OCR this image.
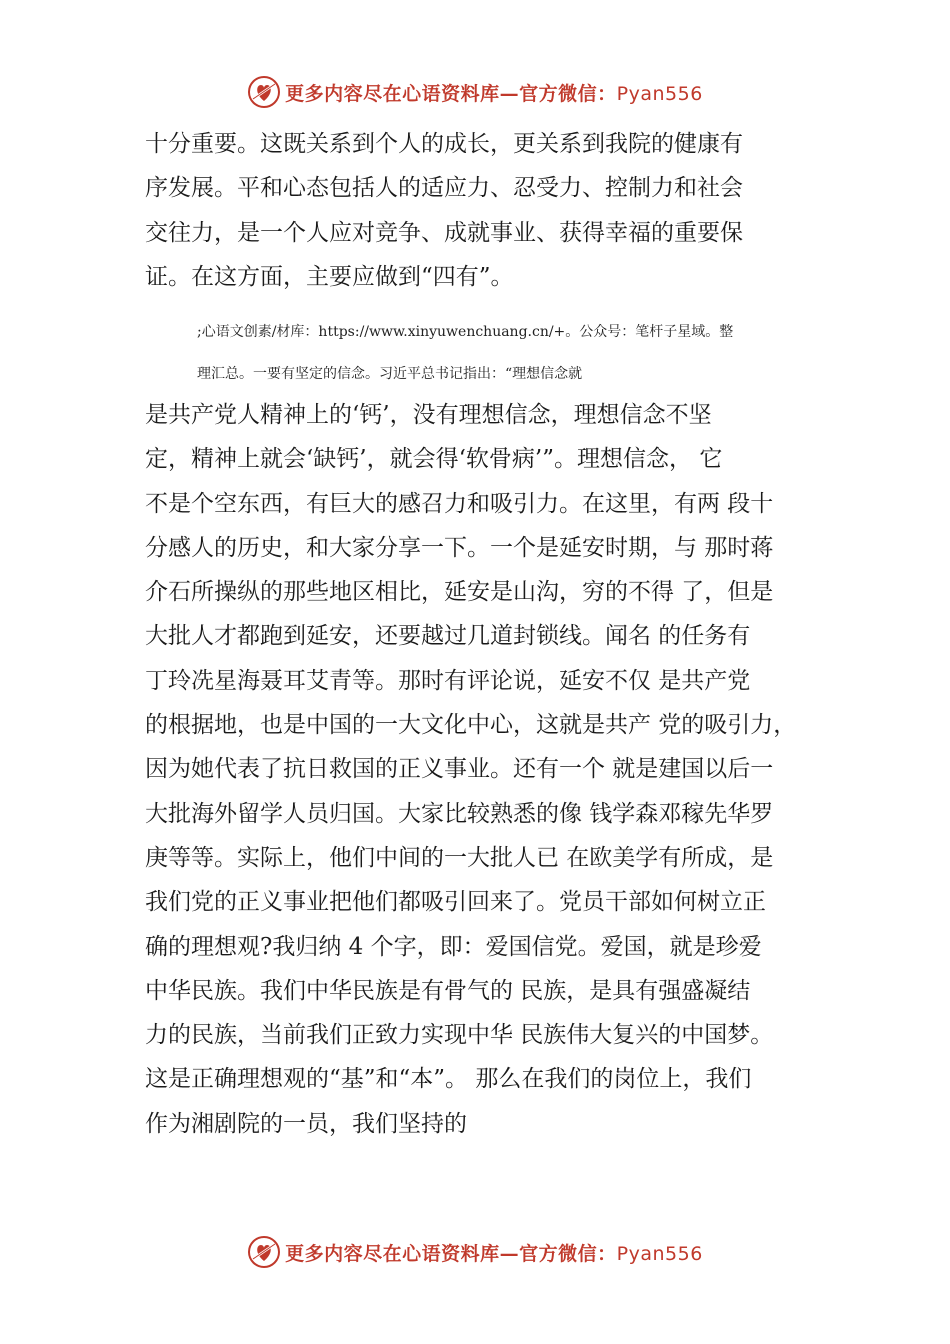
更多内容尽在心语资料库—官方微信：Pyan556

十分重要。这既关系到个人的成长，更关系到我院的健康有

序发展。平和心态包括人的适应力、忍受力、控制力和社会

交往力，是一个人应对竞争、成就事业、获得幸福的重要保

证。在这方面，主要应做到“四有”。

;心语文创素/材库：https://www.xinyuwenchuang.cn/+。公众号：笔杆子星域。整
理汇总。一要有坚定的信念。习近平总书记指出：“理想信念就

是共产党人精神上的‘钙’，没有理想信念，理想信念不坚

定，精神上就会‘缺钙’，就会得‘软骨病’”。理想信念， 它

不是个空东西，有巨大的感召力和吸引力。在这里，有两 段十

分感人的历史，和大家分享一下。一个是延安时期，与 那时蒋

介石所操纵的那些地区相比，延安是山沟，穷的不得 了，但是

大批人才都跑到延安，还要越过几道封锁线。闻名 的任务有

丁玲冼星海聂耳艾青等。那时有评论说，延安不仅 是共产党

的根据地，也是中国的一大文化中心，这就是共产 党的吸引力，

因为她代表了抗日救国的正义事业。还有一个 就是建国以后一

大批海外留学人员归国。大家比较熟悉的像 钱学森邓稼先华罗

庚等等。实际上，他们中间的一大批人已 在欧美学有所成，是

我们党的正义事业把他们都吸引回来了。党员干部如何树立正

确的理想观?我归纳 4 个字，即：爱国信党。爱国，就是珍爱

中华民族。我们中华民族是有骨气的 民族，是具有强盛凝结

力的民族，当前我们正致力实现中华 民族伟大复兴的中国梦。

这是正确理想观的“基”和“本”。 那么在我们的岗位上，我们

作为湘剧院的一员，我们坚持的

更多内容尽在心语资料库—官方微信：Pyan556
